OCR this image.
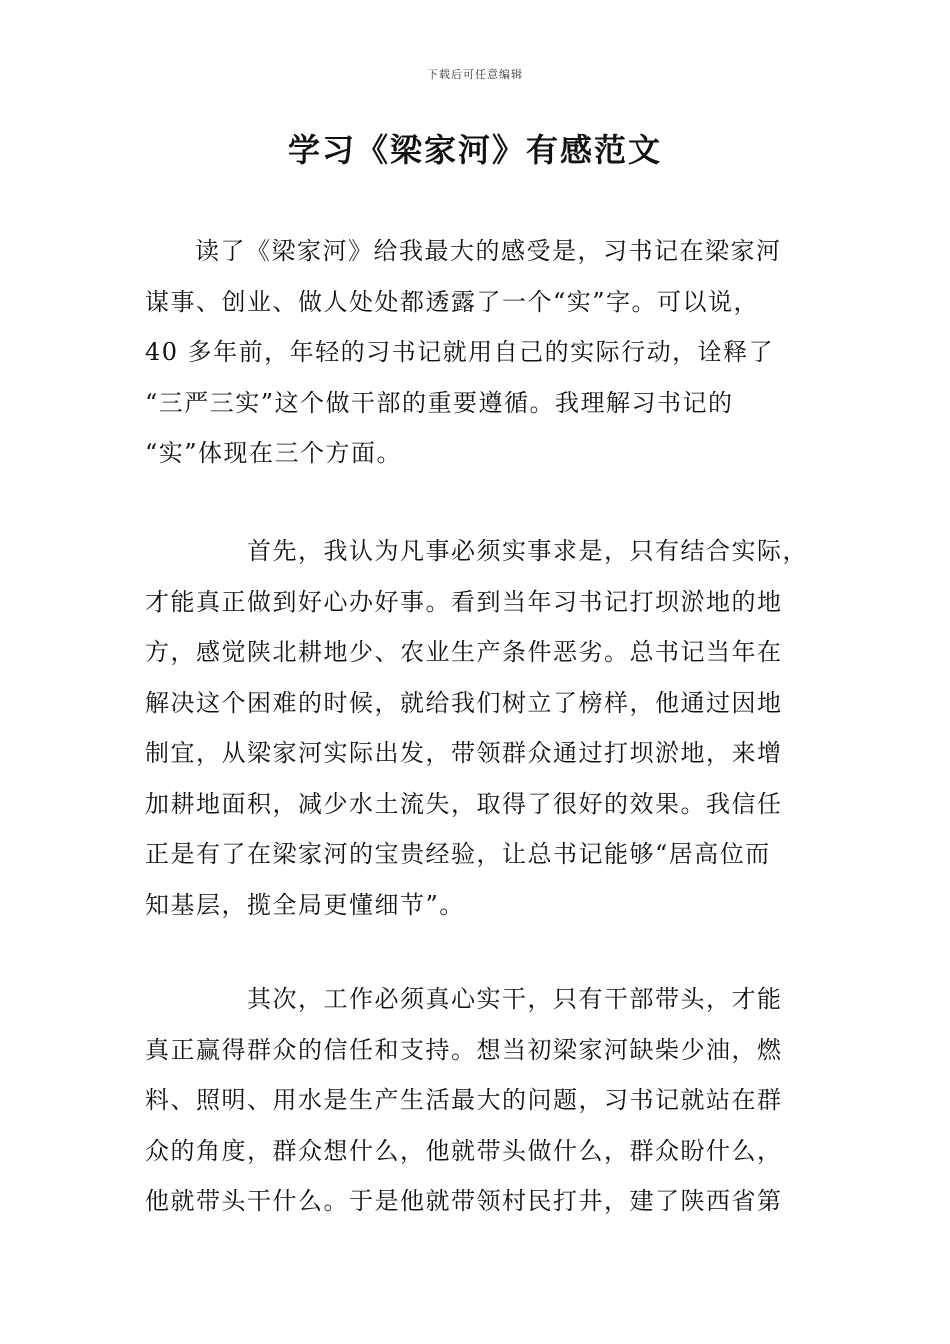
下载后可任意编辑
学习《梁家河》有感范文
读了《梁家河》给我最大的感受是，习书记在梁家河
谋事、创业、做人处处都透露了一个“实”字。可以说，
40 多年前，年轻的习书记就用自己的实际行动，诠释了
“三严三实”这个做干部的重要遵循。我理解习书记的
“实”体现在三个方面。
首先，我认为凡事必须实事求是，只有结合实际，
才能真正做到好心办好事。看到当年习书记打坝淤地的地
方，感觉陕北耕地少、农业生产条件恶劣。总书记当年在
解决这个困难的时候，就给我们树立了榜样，他通过因地
制宜，从梁家河实际出发，带领群众通过打坝淤地，来增
加耕地面积，减少水土流失，取得了很好的效果。我信任
正是有了在梁家河的宝贵经验，让总书记能够“居高位而
知基层，揽全局更懂细节”。
其次，工作必须真心实干，只有干部带头，才能
真正赢得群众的信任和支持。想当初梁家河缺柴少油，燃
料、照明、用水是生产生活最大的问题，习书记就站在群
众的角度，群众想什么，他就带头做什么，群众盼什么，
他就带头干什么。于是他就带领村民打井，建了陕西省第
